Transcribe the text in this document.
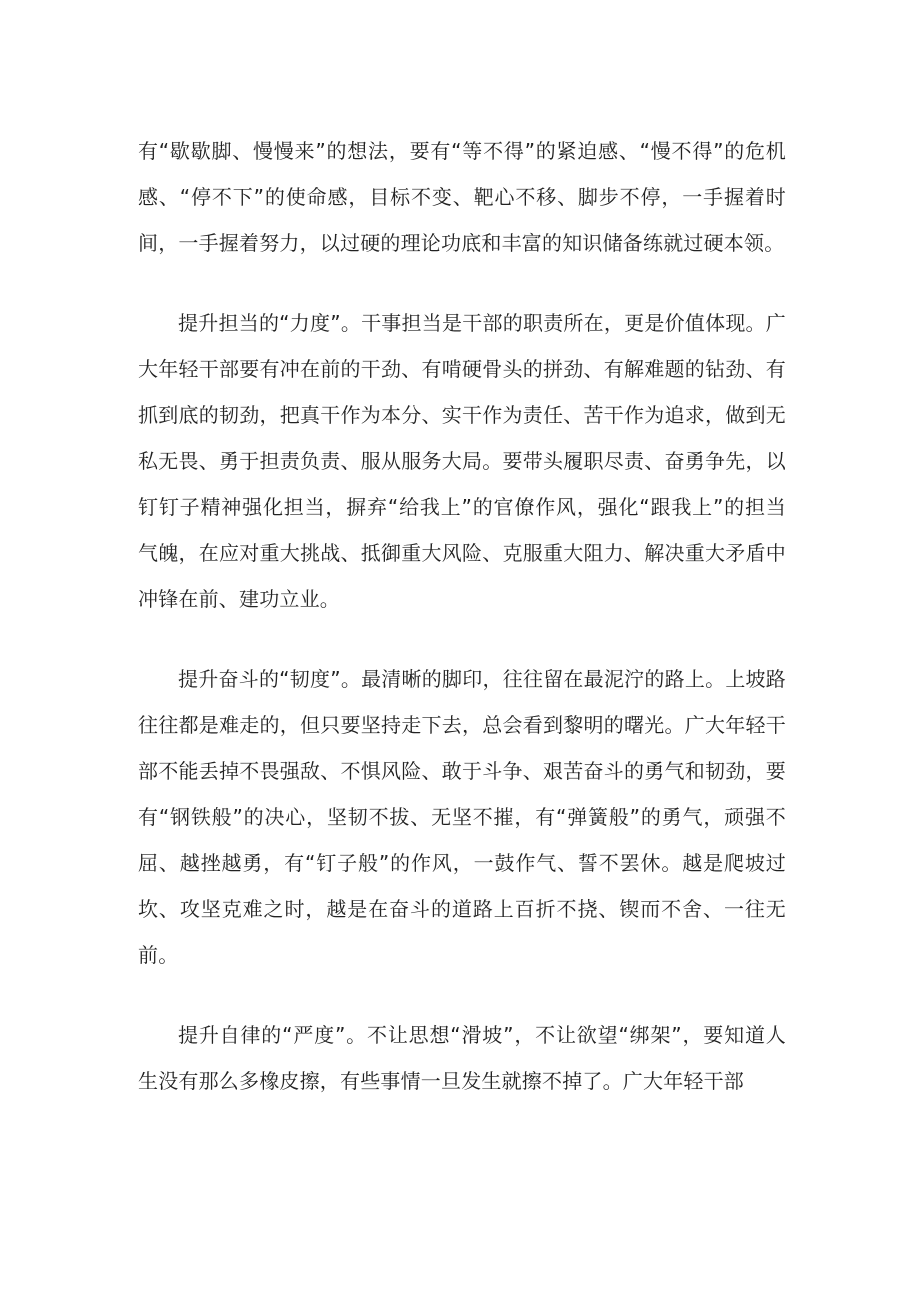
有“歇歇脚、慢慢来”的想法，要有“等不得”的紧迫感、“慢不得”的危机感、“停不下”的使命感，目标不变、靶心不移、脚步不停，一手握着时间，一手握着努力，以过硬的理论功底和丰富的知识储备练就过硬本领。

提升担当的“力度”。干事担当是干部的职责所在，更是价值体现。广大年轻干部要有冲在前的干劲、有啃硬骨头的拼劲、有解难题的钻劲、有抓到底的韧劲，把真干作为本分、实干作为责任、苦干作为追求，做到无私无畏、勇于担责负责、服从服务大局。要带头履职尽责、奋勇争先，以钉钉子精神强化担当，摒弃“给我上”的官僚作风，强化“跟我上”的担当气魄，在应对重大挑战、抵御重大风险、克服重大阻力、解决重大矛盾中冲锋在前、建功立业。

提升奋斗的“韧度”。最清晰的脚印，往往留在最泥泞的路上。上坡路往往都是难走的，但只要坚持走下去，总会看到黎明的曙光。广大年轻干部不能丢掉不畏强敌、不惧风险、敢于斗争、艰苦奋斗的勇气和韧劲，要有“钢铁般”的决心，坚韧不拔、无坚不摧，有“弹簧般”的勇气，顽强不屈、越挫越勇，有“钉子般”的作风，一鼓作气、誓不罢休。越是爬坡过坎、攻坚克难之时，越是在奋斗的道路上百折不挠、锲而不舍、一往无前。

提升自律的“严度”。不让思想“滑坡”，不让欲望“绑架”，要知道人生没有那么多橡皮擦，有些事情一旦发生就擦不掉了。广大年轻干部
